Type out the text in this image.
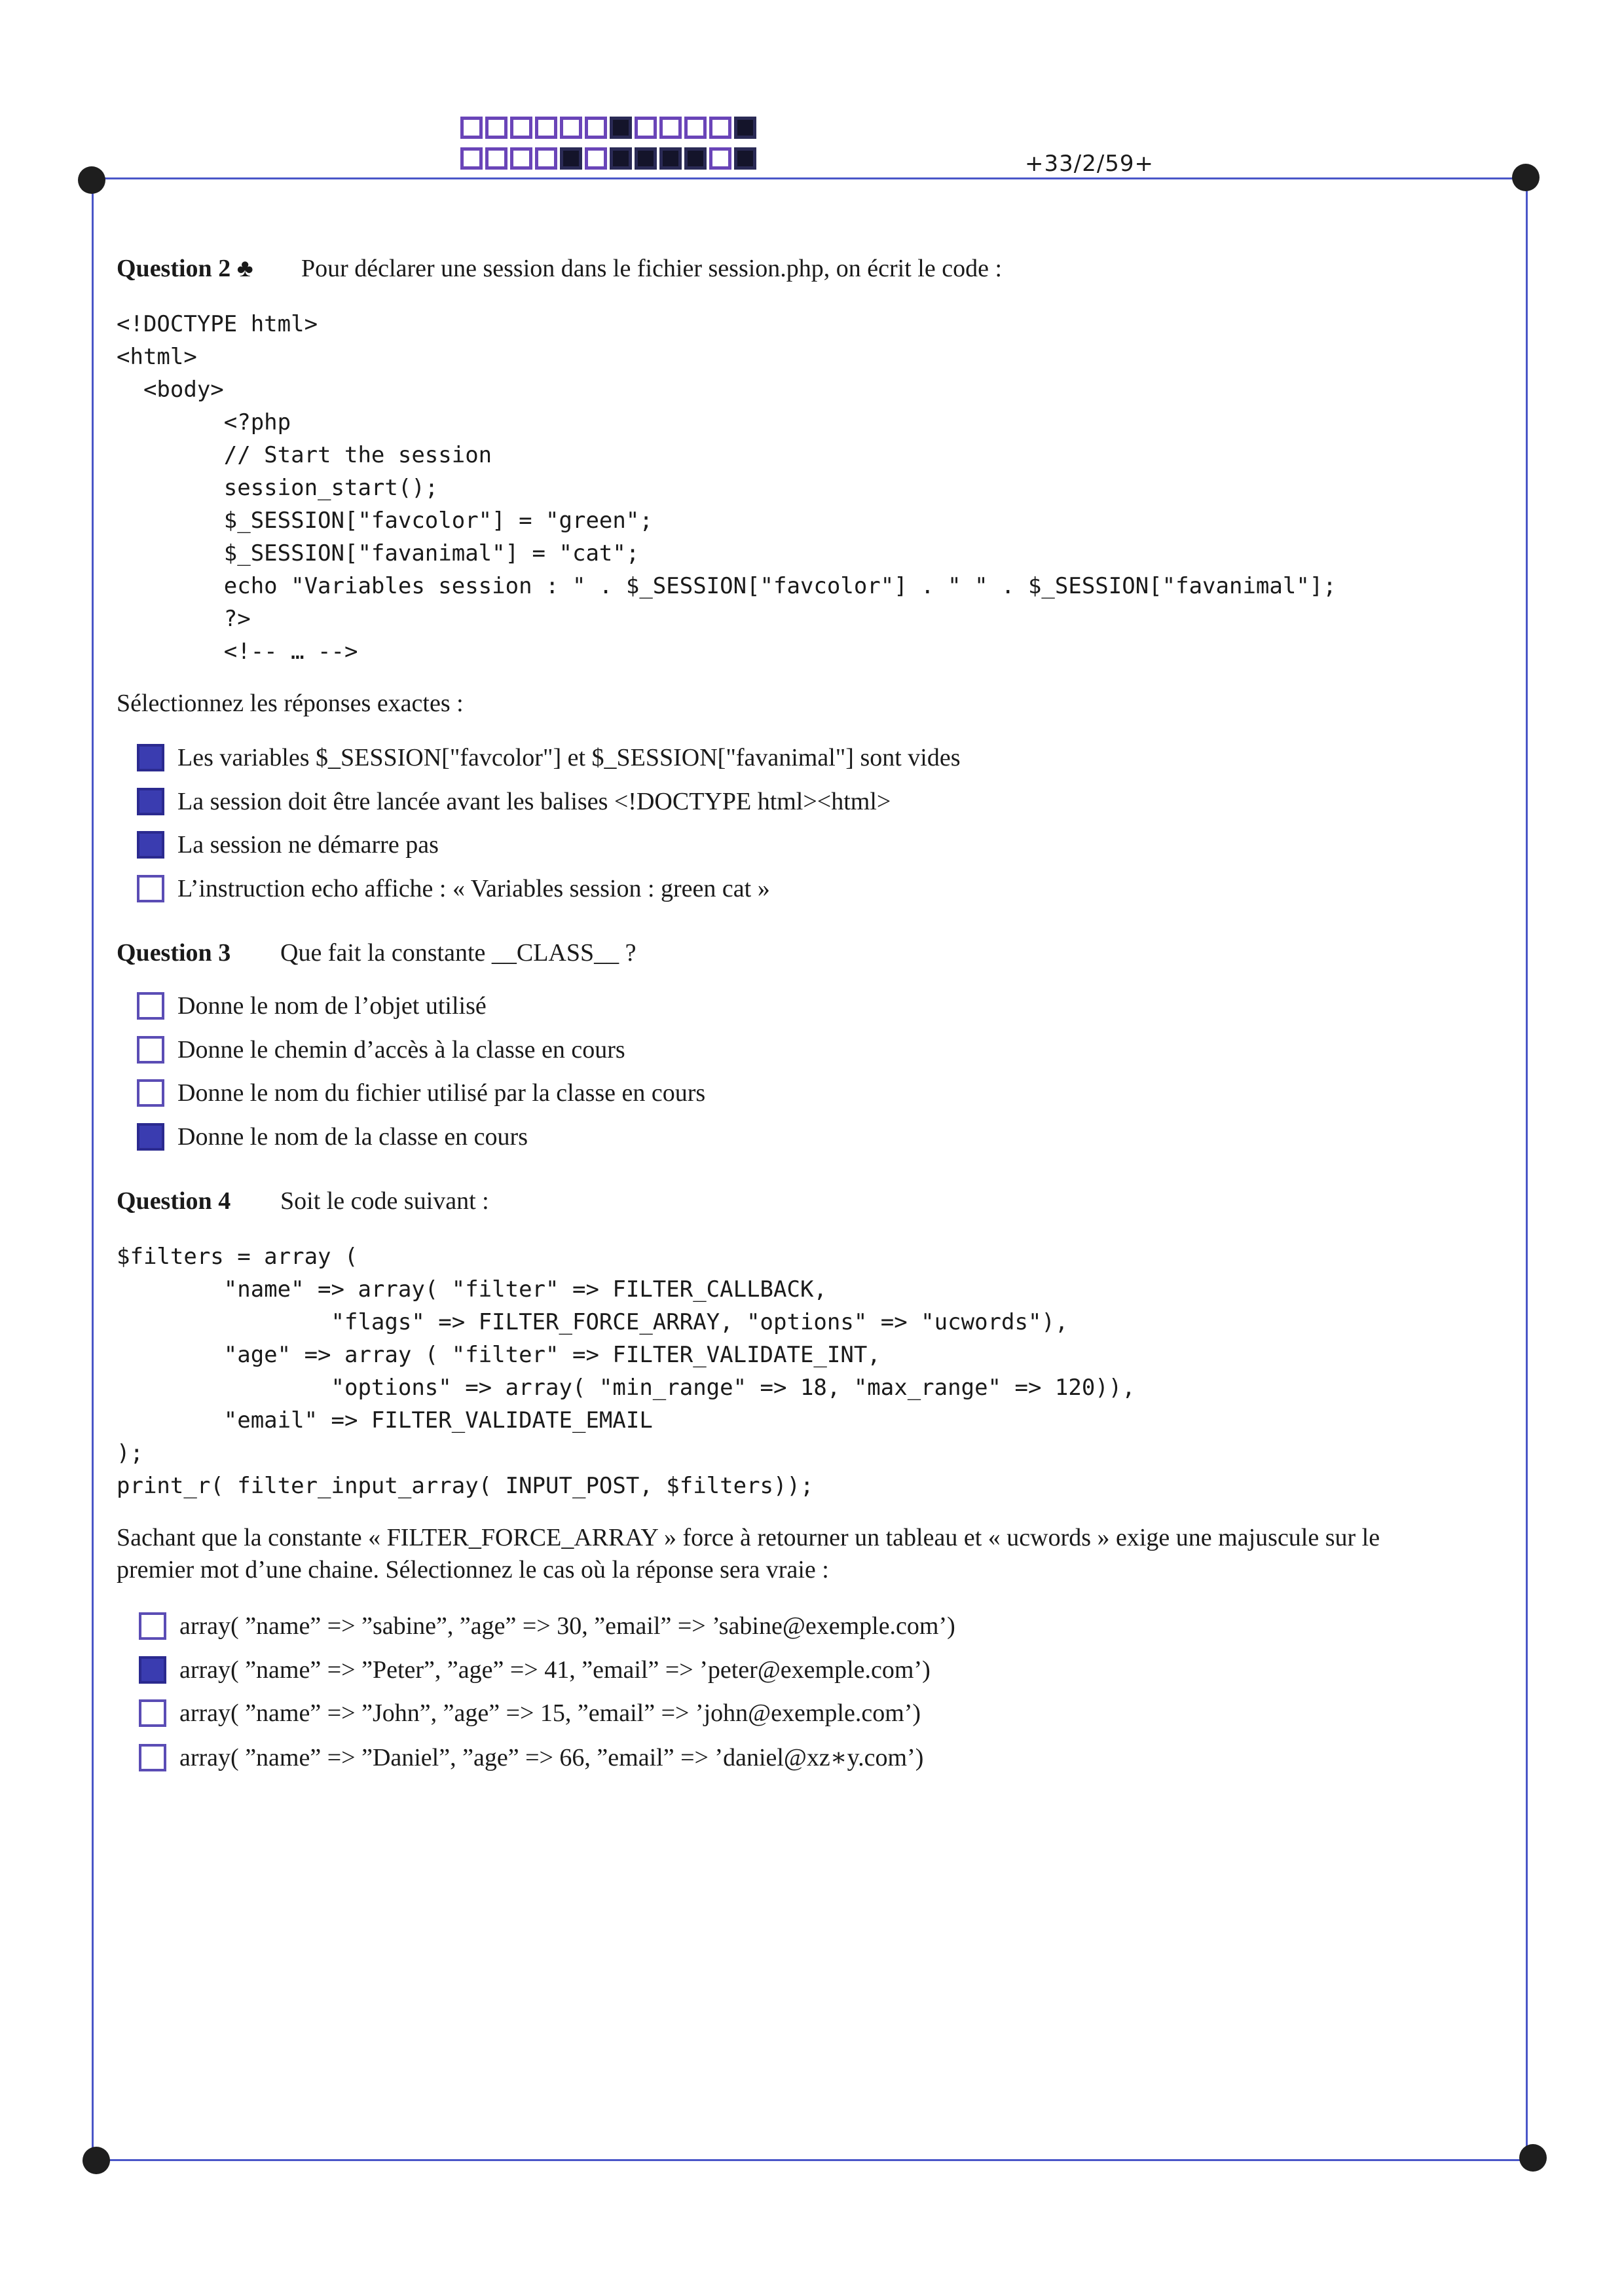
+33/2/59+
Question 2 ♣ Pour déclarer une session dans le fichier session.php, on écrit le code :
<!DOCTYPE html>
<html>
<body>
<?php
// Start the session
session_start();
$_SESSION["favcolor"] = "green";
$_SESSION["favanimal"] = "cat";
echo "Variables session : " . $_SESSION["favcolor"] . " " . $_SESSION["favanimal"];
?>
<!-- … -->
Sélectionnez les réponses exactes :
Les variables $_SESSION["favcolor"] et $_SESSION["favanimal"] sont vides
La session doit être lancée avant les balises <!DOCTYPE html><html>
La session ne démarre pas
L’instruction echo affiche : « Variables session : green cat »
Question 3 Que fait la constante __CLASS__ ?
Donne le nom de l’objet utilisé
Donne le chemin d’accès à la classe en cours
Donne le nom du fichier utilisé par la classe en cours
Donne le nom de la classe en cours
Question 4 Soit le code suivant :
$filters = array (
"name" => array( "filter" => FILTER_CALLBACK,
"flags" => FILTER_FORCE_ARRAY, "options" => "ucwords"),
"age" => array ( "filter" => FILTER_VALIDATE_INT,
"options" => array( "min_range" => 18, "max_range" => 120)),
"email" => FILTER_VALIDATE_EMAIL
);
print_r( filter_input_array( INPUT_POST, $filters));
Sachant que la constante « FILTER_FORCE_ARRAY » force à retourner un tableau et « ucwords » exige une majuscule sur le
premier mot d’une chaine. Sélectionnez le cas où la réponse sera vraie :
array( ”name” => ”sabine”, ”age” => 30, ”email” => ’sabine@exemple.com’)
array( ”name” => ”Peter”, ”age” => 41, ”email” => ’peter@exemple.com’)
array( ”name” => ”John”, ”age” => 15, ”email” => ’john@exemple.com’)
array( ”name” => ”Daniel”, ”age” => 66, ”email” => ’daniel@xz∗y.com’)
